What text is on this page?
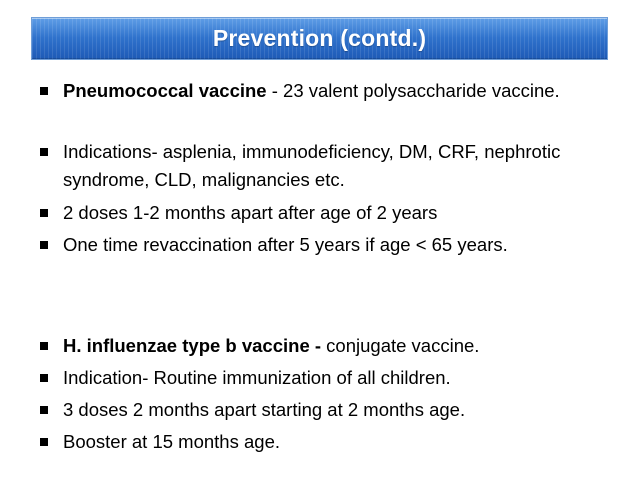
Prevention (contd.)
Pneumococcal vaccine - 23 valent polysaccharide vaccine.
Indications- asplenia, immunodeficiency, DM, CRF, nephrotic syndrome, CLD, malignancies etc.
2 doses 1-2 months apart after age of 2 years
One time revaccination after 5 years if age < 65 years.
H. influenzae type b vaccine - conjugate vaccine.
Indication- Routine immunization of all children.
3 doses 2 months apart starting at 2 months age.
Booster at 15 months age.
